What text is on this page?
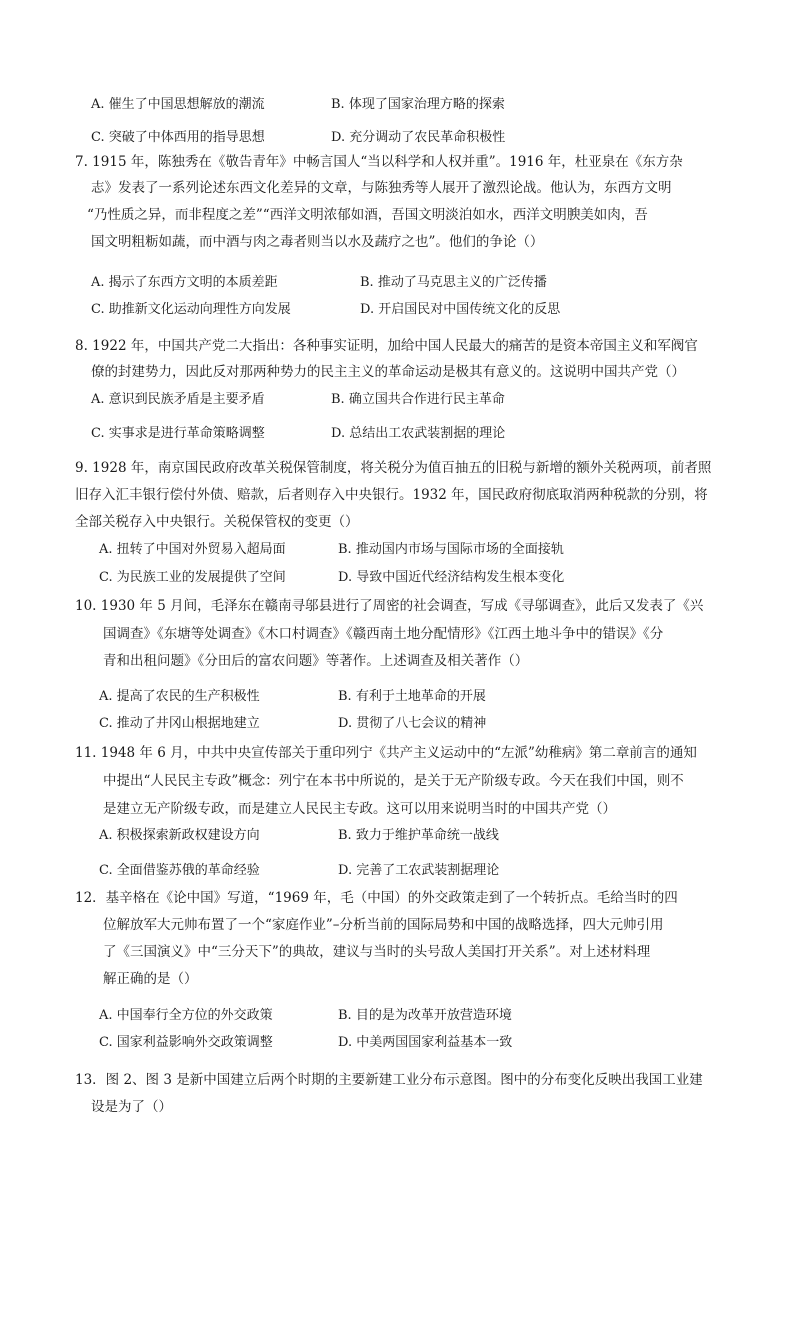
A. 催生了中国思想解放的潮流	B. 体现了国家治理方略的探索
C. 突破了中体西用的指导思想	D. 充分调动了农民革命积极性
7. 1915 年，陈独秀在《敬告青年》中畅言国人“当以科学和人权并重”。1916 年，杜亚泉在《东方杂
志》发表了一系列论述东西文化差异的文章，与陈独秀等人展开了激烈论战。他认为，东西方文明
“乃性质之异，而非程度之差”“西洋文明浓郁如酒，吾国文明淡泊如水，西洋文明腴美如肉，吾
国文明粗粝如蔬，而中酒与肉之毒者则当以水及蔬疗之也”。他们的争论（）
A. 揭示了东西方文明的本质差距	B. 推动了马克思主义的广泛传播
C. 助推新文化运动向理性方向发展	D. 开启国民对中国传统文化的反思
8. 1922 年，中国共产党二大指出：各种事实证明，加给中国人民最大的痛苦的是资本帝国主义和军阀官
僚的封建势力，因此反对那两种势力的民主主义的革命运动是极其有意义的。这说明中国共产党（）
A. 意识到民族矛盾是主要矛盾	B. 确立国共合作进行民主革命
C. 实事求是进行革命策略调整	D. 总结出工农武装割据的理论
9. 1928 年，南京国民政府改革关税保管制度，将关税分为值百抽五的旧税与新增的额外关税两项，前者照
旧存入汇丰银行偿付外债、赔款，后者则存入中央银行。1932 年，国民政府彻底取消两种税款的分别，将
全部关税存入中央银行。关税保管权的变更（）
A. 扭转了中国对外贸易入超局面	B. 推动国内市场与国际市场的全面接轨
C. 为民族工业的发展提供了空间	D. 导致中国近代经济结构发生根本变化
10. 1930 年 5 月间，毛泽东在赣南寻邬县进行了周密的社会调查，写成《寻邬调查》，此后又发表了《兴
国调查》《东塘等处调查》《木口村调查》《赣西南土地分配情形》《江西土地斗争中的错误》《分
青和出租问题》《分田后的富农问题》等著作。上述调查及相关著作（）
A. 提高了农民的生产积极性	B. 有利于土地革命的开展
C. 推动了井冈山根据地建立	D. 贯彻了八七会议的精神
11. 1948 年 6 月，中共中央宣传部关于重印列宁《共产主义运动中的“左派”幼稚病》第二章前言的通知
中提出“人民民主专政”概念：列宁在本书中所说的，是关于无产阶级专政。今天在我们中国，则不
是建立无产阶级专政，而是建立人民民主专政。这可以用来说明当时的中国共产党（）
A. 积极探索新政权建设方向	B. 致力于维护革命统一战线
C. 全面借鉴苏俄的革命经验	D. 完善了工农武装割据理论
12．基辛格在《论中国》写道，“1969 年，毛（中国）的外交政策走到了一个转折点。毛给当时的四
位解放军大元帅布置了一个“家庭作业”–分析当前的国际局势和中国的战略选择，四大元帅引用
了《三国演义》中“三分天下”的典故，建议与当时的头号敌人美国打开关系”。对上述材料理
解正确的是（）
A. 中国奉行全方位的外交政策	B. 目的是为改革开放营造环境
C. 国家利益影响外交政策调整	D. 中美两国国家利益基本一致
13．图 2、图 3 是新中国建立后两个时期的主要新建工业分布示意图。图中的分布变化反映出我国工业建
设是为了（）
